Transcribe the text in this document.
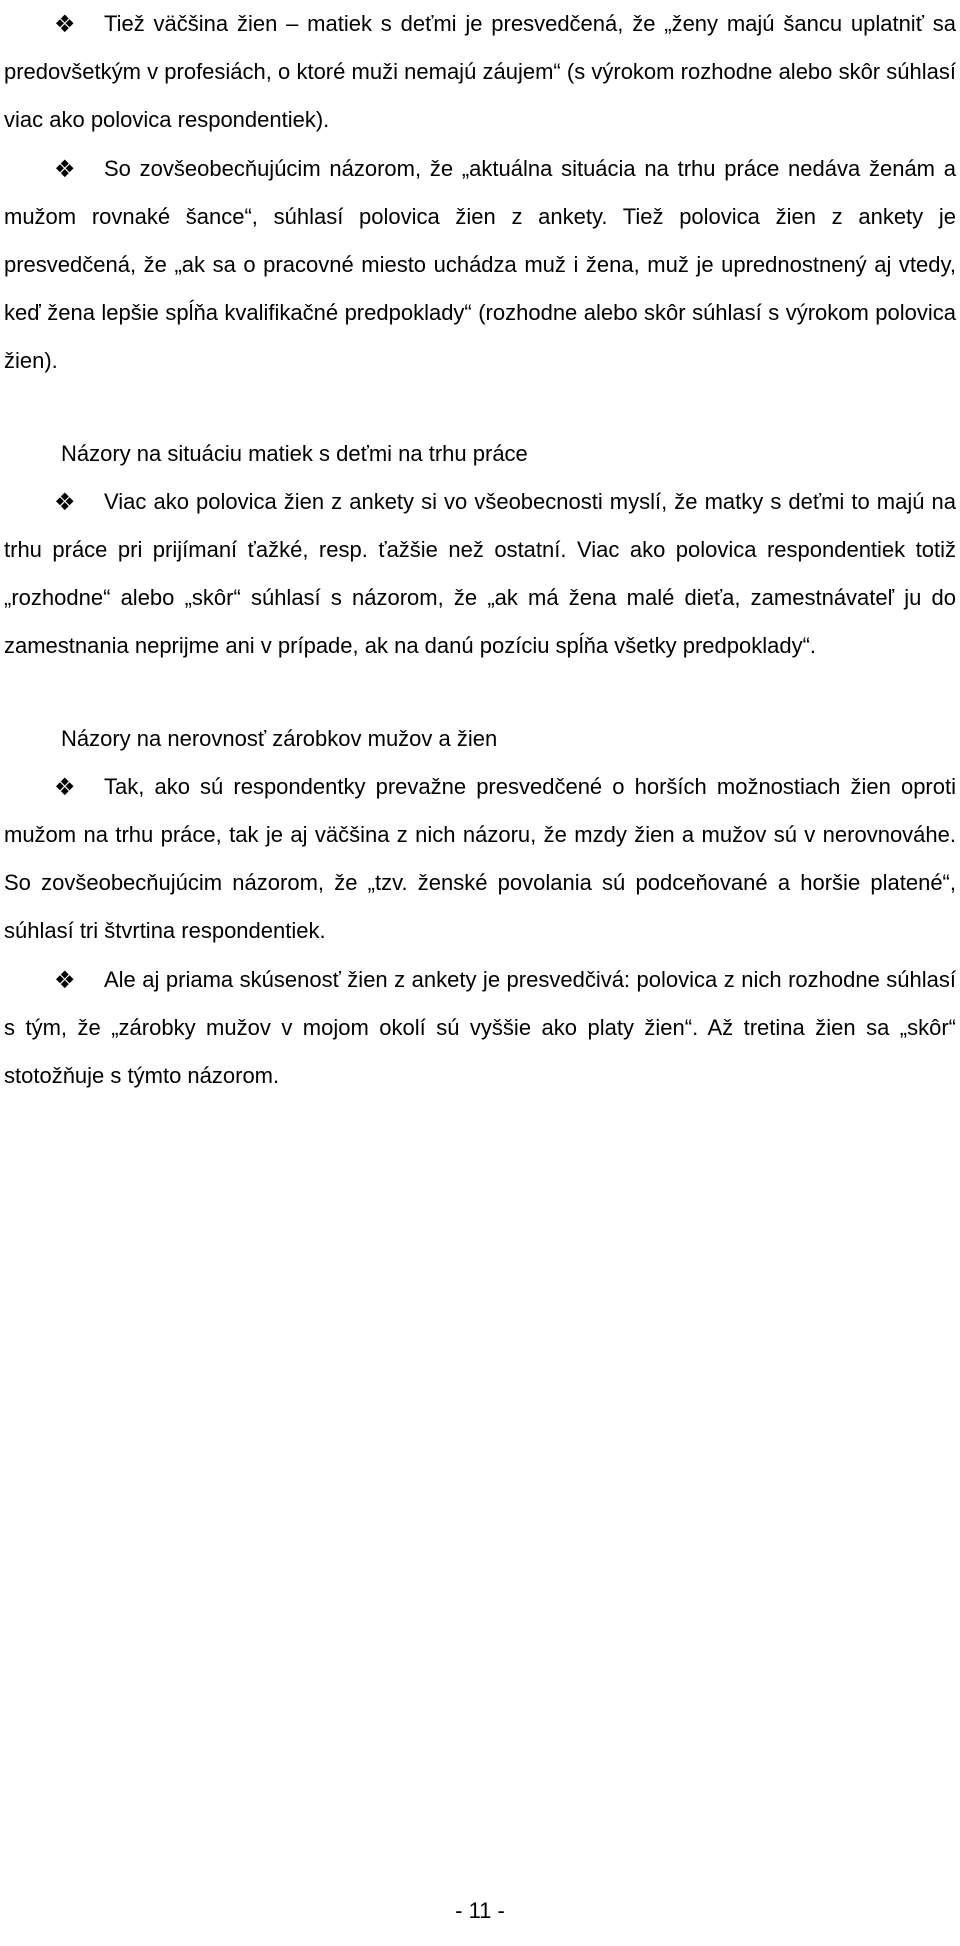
❖ Tiež väčšina žien – matiek s deťmi je presvedčená, že „ženy majú šancu uplatniť sa predovšetkým v profesiách, o ktoré muži nemajú záujem“ (s výrokom rozhodne alebo skôr súhlasí viac ako polovica respondentiek).

❖ So zovšeobecňujúcim názorom, že „aktuálna situácia na trhu práce nedáva ženám a mužom rovnaké šance“, súhlasí polovica žien z ankety. Tiež polovica žien z ankety je presvedčená, že „ak sa o pracovné miesto uchádza muž i žena, muž je uprednostnený aj vtedy, keď žena lepšie spĺňa kvalifikačné predpoklady“ (rozhodne alebo skôr súhlasí s výrokom polovica žien).

Názory na situáciu matiek s deťmi na trhu práce

❖ Viac ako polovica žien z ankety si vo všeobecnosti myslí, že matky s deťmi to majú na trhu práce pri prijímaní ťažké, resp. ťažšie než ostatní. Viac ako polovica respondentiek totiž „rozhodne“ alebo „skôr“ súhlasí s názorom, že „ak má žena malé dieťa, zamestnávateľ ju do zamestnania neprijme ani v prípade, ak na danú pozíciu spĺňa všetky predpoklady“.

Názory na nerovnosť zárobkov mužov a žien

❖ Tak, ako sú respondentky prevažne presvedčené o horších možnostiach žien oproti mužom na trhu práce, tak je aj väčšina z nich názoru, že mzdy žien a mužov sú v nerovnováhe. So zovšeobecňujúcim názorom, že „tzv. ženské povolania sú podceňované a horšie platené“, súhlasí tri štvrtina respondentiek.

❖ Ale aj priama skúsenosť žien z ankety je presvedčivá: polovica z nich rozhodne súhlasí s tým, že „zárobky mužov v mojom okolí sú vyššie ako platy žien“. Až tretina žien sa „skôr“ stotožňuje s týmto názorom.

- 11 -
